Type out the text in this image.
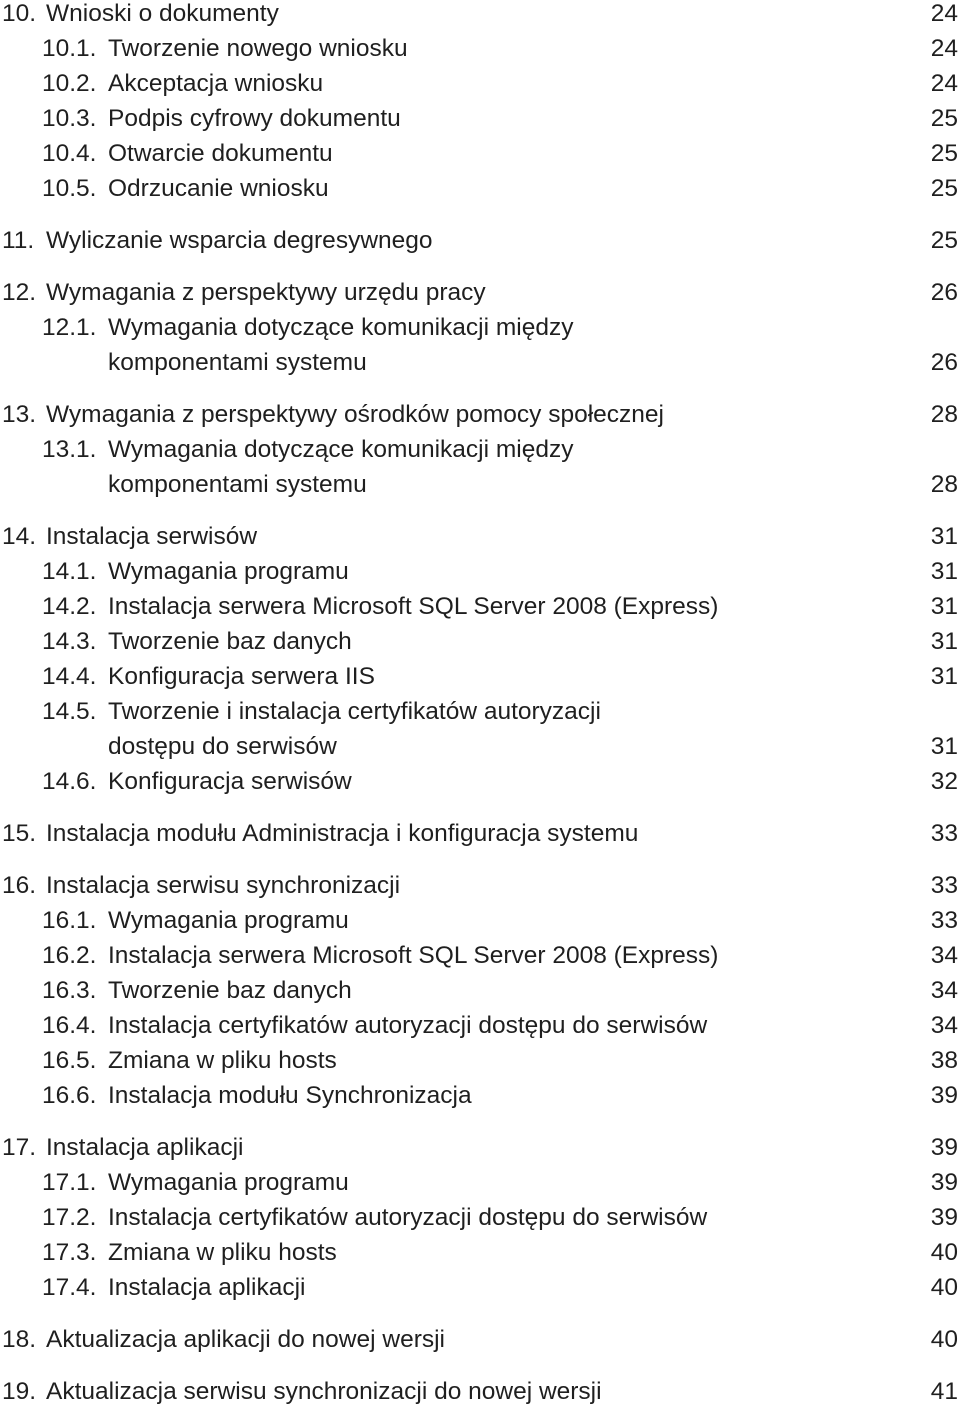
10. Wnioski o dokumenty	24
10.1. Tworzenie nowego wniosku	24
10.2. Akceptacja wniosku	24
10.3. Podpis cyfrowy dokumentu	25
10.4. Otwarcie dokumentu	25
10.5. Odrzucanie wniosku	25
11. Wyliczanie wsparcia degresywnego	25
12. Wymagania z perspektywy urzędu pracy	26
12.1. Wymagania dotyczące komunikacji między
komponentami systemu	26
13. Wymagania z perspektywy ośrodków pomocy społecznej	28
13.1. Wymagania dotyczące komunikacji między
komponentami systemu	28
14. Instalacja serwisów	31
14.1. Wymagania programu	31
14.2. Instalacja serwera Microsoft SQL Server 2008 (Express)	31
14.3. Tworzenie baz danych	31
14.4. Konfiguracja serwera IIS	31
14.5. Tworzenie i instalacja certyfikatów autoryzacji
dostępu do serwisów	31
14.6. Konfiguracja serwisów	32
15. Instalacja modułu Administracja i konfiguracja systemu	33
16. Instalacja serwisu synchronizacji	33
16.1. Wymagania programu	33
16.2. Instalacja serwera Microsoft SQL Server 2008 (Express)	34
16.3. Tworzenie baz danych	34
16.4. Instalacja certyfikatów autoryzacji dostępu do serwisów	34
16.5. Zmiana w pliku hosts	38
16.6. Instalacja modułu Synchronizacja	39
17. Instalacja aplikacji	39
17.1. Wymagania programu	39
17.2. Instalacja certyfikatów autoryzacji dostępu do serwisów	39
17.3. Zmiana w pliku hosts	40
17.4. Instalacja aplikacji	40
18. Aktualizacja aplikacji do nowej wersji	40
19. Aktualizacja serwisu synchronizacji do nowej wersji	41
